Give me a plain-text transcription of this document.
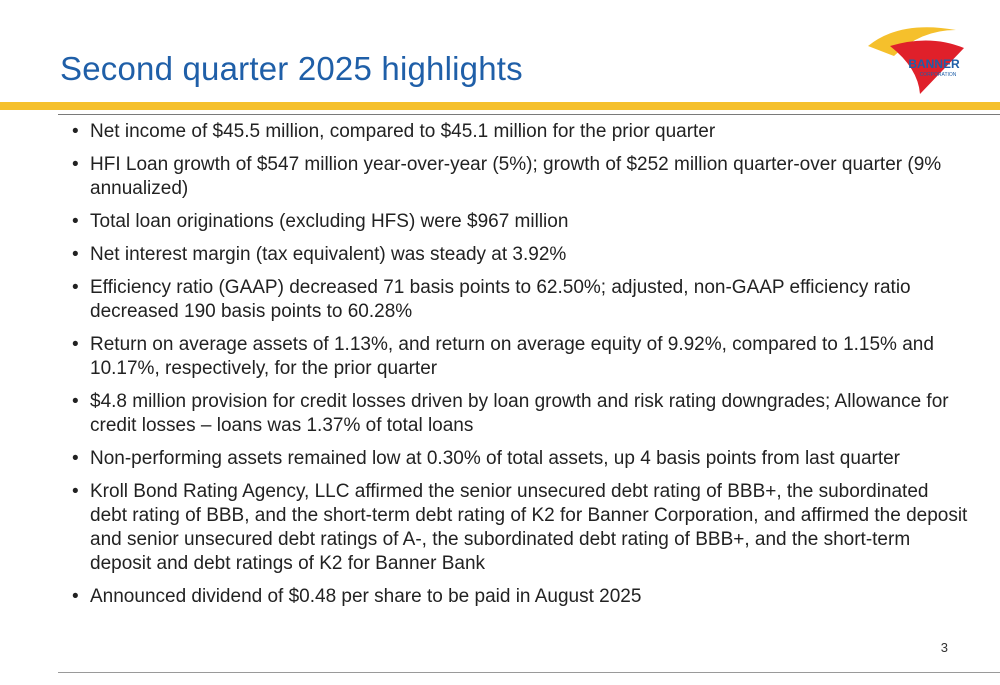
Second quarter 2025 highlights	BANNER
CORPORATION
• Net income of $45.5 million, compared to $45.1 million for the prior quarter
• HFI Loan growth of $547 million year-over-year (5%); growth of $252 million quarter-over quarter (9% annualized)
• Total loan originations (excluding HFS) were $967 million
• Net interest margin (tax equivalent) was steady at 3.92%
• Efficiency ratio (GAAP) decreased 71 basis points to 62.50%; adjusted, non-GAAP efficiency ratio decreased 190 basis points to 60.28%
• Return on average assets of 1.13%, and return on average equity of 9.92%, compared to 1.15% and 10.17%, respectively, for the prior quarter
• $4.8 million provision for credit losses driven by loan growth and risk rating downgrades; Allowance for credit losses – loans was 1.37% of total loans
• Non-performing assets remained low at 0.30% of total assets, up 4 basis points from last quarter
• Kroll Bond Rating Agency, LLC affirmed the senior unsecured debt rating of BBB+, the subordinated debt rating of BBB, and the short-term debt rating of K2 for Banner Corporation, and affirmed the deposit and senior unsecured debt ratings of A-, the subordinated debt rating of BBB+, and the short-term deposit and debt ratings of K2 for Banner Bank
• Announced dividend of $0.48 per share to be paid in August 2025
3
